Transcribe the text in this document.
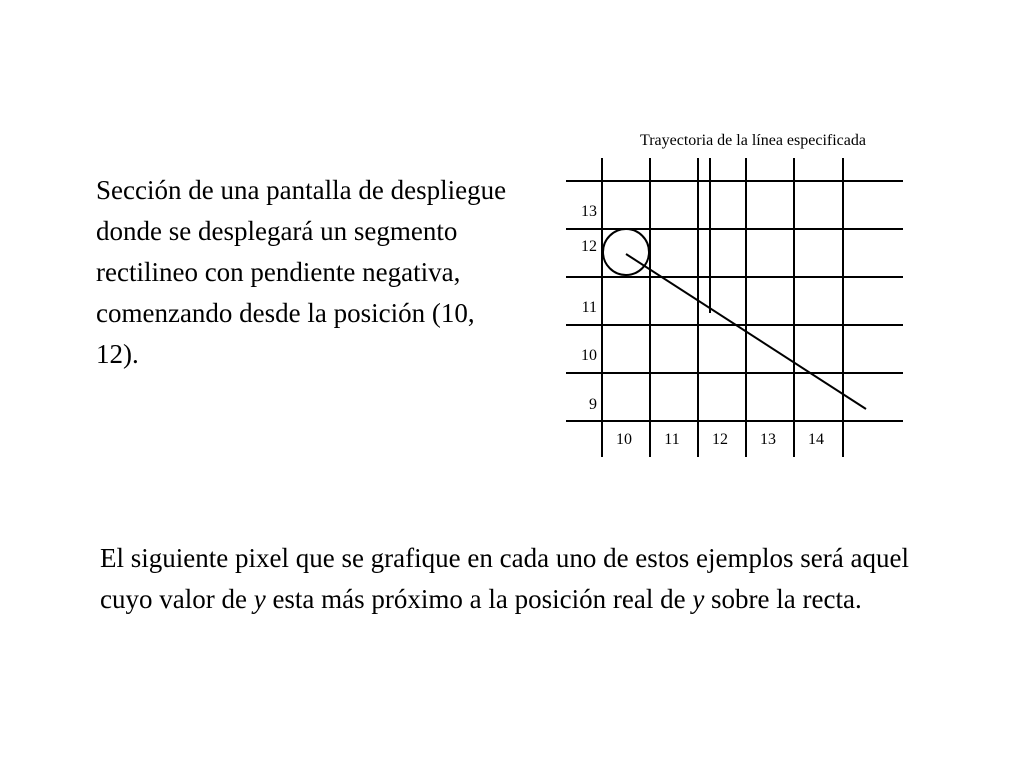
Sección de una pantalla de despliegue donde se desplegará un segmento rectilineo con pendiente negativa, comenzando desde la posición (10, 12).
Trayectoria de la línea especificada
13
12
11
10
9
10 11 12 13 14
El siguiente pixel que se grafique en cada uno de estos ejemplos será aquel cuyo valor de y esta más próximo a la posición real de y sobre la recta.
